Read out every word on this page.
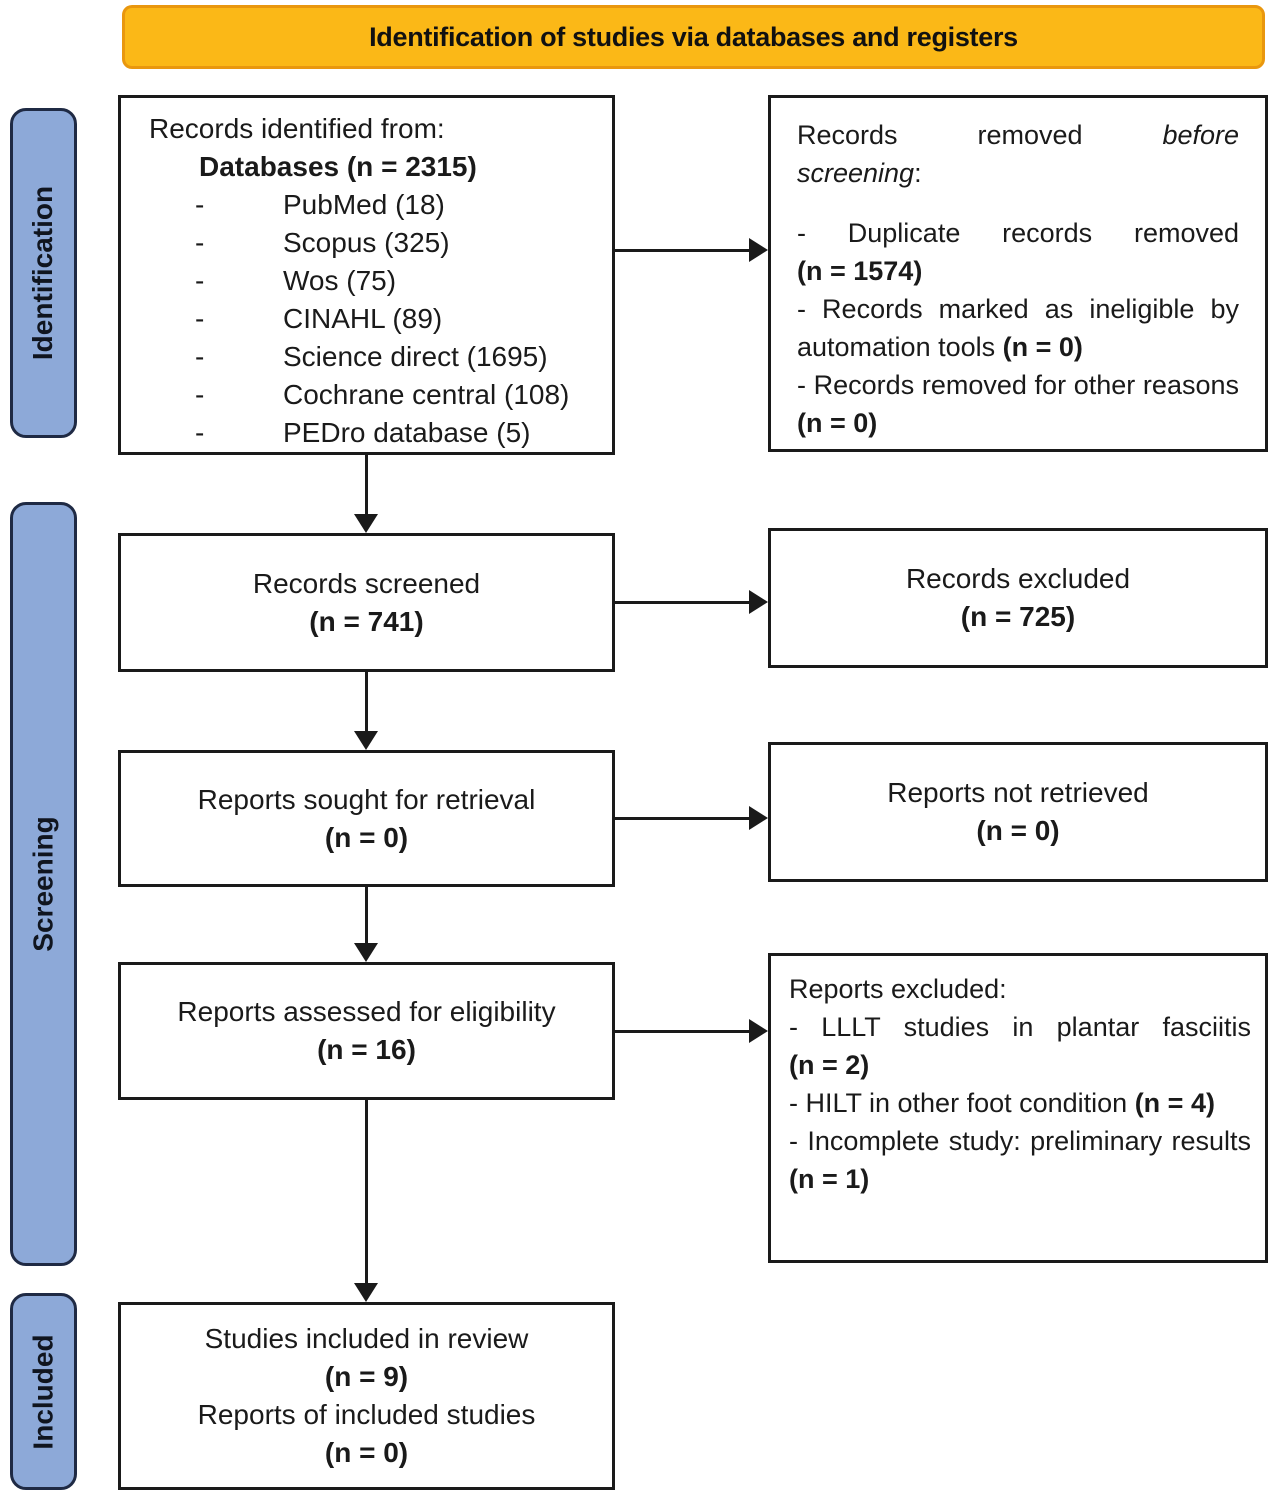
Identification of studies via databases and registers
Identification
Screening
Included

Records identified from:

Databases (n = 2315)

-	PubMed (18)
-	Scopus (325)
-	Wos (75)
-	CINAHL (89)
-	Science direct (1695)
-	Cochrane central (108)
-	PEDro database (5)

Records removed before screening:

- Duplicate records removed (n = 1574)

- Records marked as ineligible by automation tools (n = 0)

- Records removed for other reasons (n = 0)

Records screened

(n = 741)

Records excluded

(n = 725)

Reports sought for retrieval

(n = 0)

Reports not retrieved

(n = 0)

Reports assessed for eligibility

(n = 16)

Reports excluded:

- LLLT studies in plantar fasciitis (n = 2)

- HILT in other foot condition (n = 4)

- Incomplete study: preliminary results (n = 1)

Studies included in review

(n = 9)

Reports of included studies

(n = 0)
